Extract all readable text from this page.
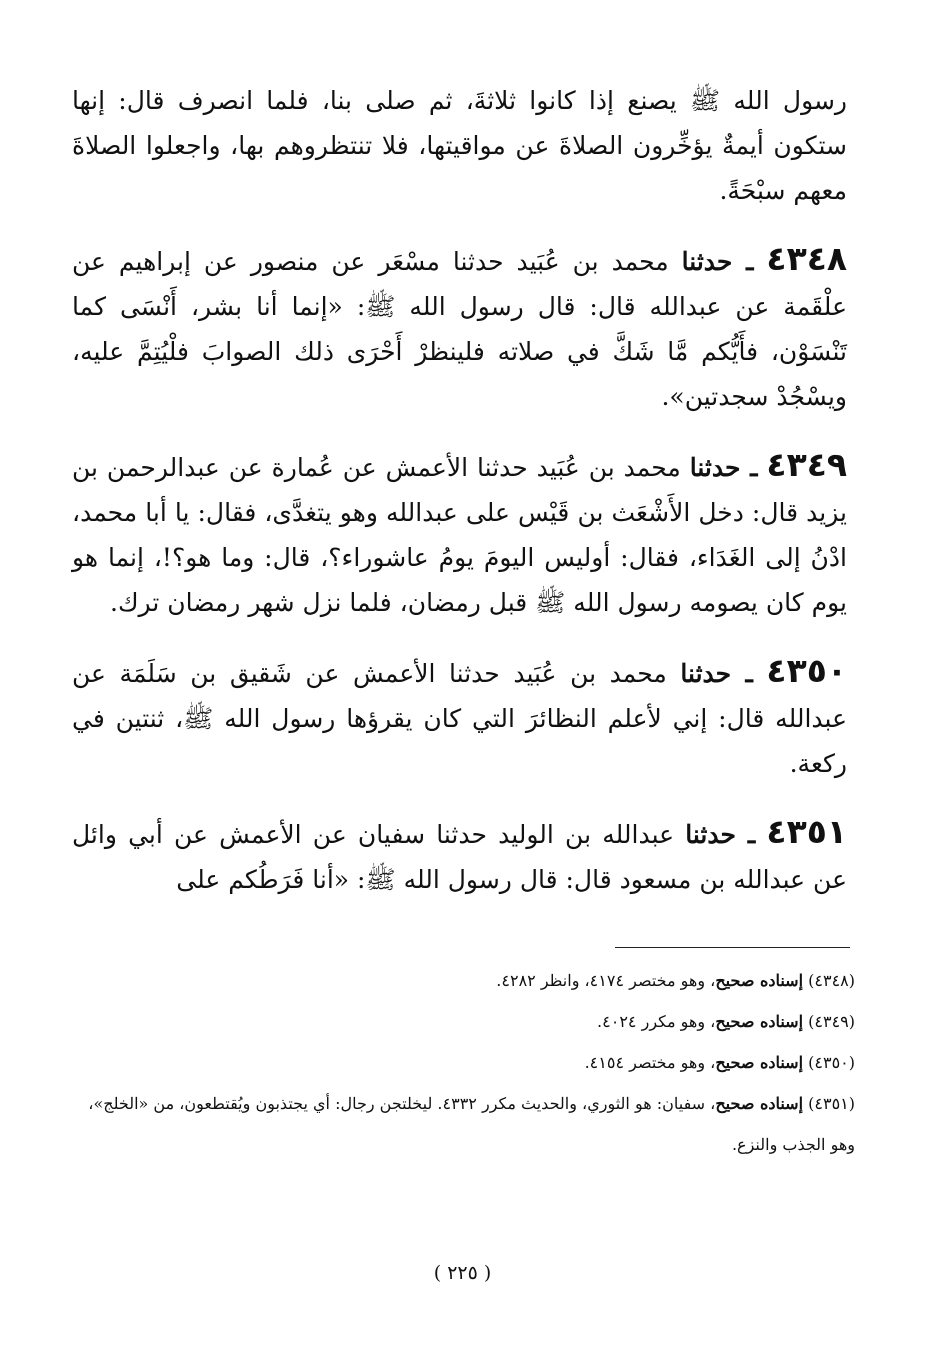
رسول الله ﷺ يصنع إذا كانوا ثلاثةَ، ثم صلى بنا، فلما انصرف قال: إنها ستكون أيمةٌ يؤخِّرون الصلاةَ عن مواقيتها، فلا تنتظروهم بها، واجعلوا الصلاةَ معهم سبْحَةً.

٤٣٤٨ ـ حدثنا محمد بن عُبَيد حدثنا مسْعَر عن منصور عن إبراهيم عن علْقَمة عن عبدالله قال: قال رسول الله ﷺ: «إنما أنا بشر، أَنْسَى كما تَنْسَوْن، فأَيُّكم مَّا شَكَّ في صلاته فلينظرْ أَحْرَى ذلك الصوابَ فلْيُتِمَّ عليه، ويسْجُدْ سجدتين».

٤٣٤٩ ـ حدثنا محمد بن عُبَيد حدثنا الأعمش عن عُمارة عن عبدالرحمن بن يزيد قال: دخل الأَشْعَث بن قَيْس على عبدالله وهو يتغدَّى، فقال: يا أبا محمد، ادْنُ إلى الغَدَاء، فقال: أوليس اليومَ يومُ عاشوراء؟، قال: وما هو؟!، إنما هو يوم كان يصومه رسول الله ﷺ قبل رمضان، فلما نزل شهر رمضان ترك.

٤٣٥٠ ـ حدثنا محمد بن عُبَيد حدثنا الأعمش عن شَقيق بن سَلَمَة عن عبدالله قال: إني لأعلم النظائرَ التي كان يقرؤها رسول الله ﷺ، ثنتين في ركعة.

٤٣٥١ ـ حدثنا عبدالله بن الوليد حدثنا سفيان عن الأعمش عن أبي وائل عن عبدالله بن مسعود قال: قال رسول الله ﷺ: «أنا فَرَطُكم على

(٤٣٤٨) إسناده صحيح، وهو مختصر ٤١٧٤، وانظر ٤٢٨٢.

(٤٣٤٩) إسناده صحيح، وهو مكرر ٤٠٢٤.

(٤٣٥٠) إسناده صحيح، وهو مختصر ٤١٥٤.

(٤٣٥١) إسناده صحيح، سفيان: هو الثوري، والحديث مكرر ٤٣٣٢. ليخلتجن رجال: أي يجتذبون ويُقتطعون، من «الخلج»، وهو الجذب والنزع.

( ٢٢٥ )
